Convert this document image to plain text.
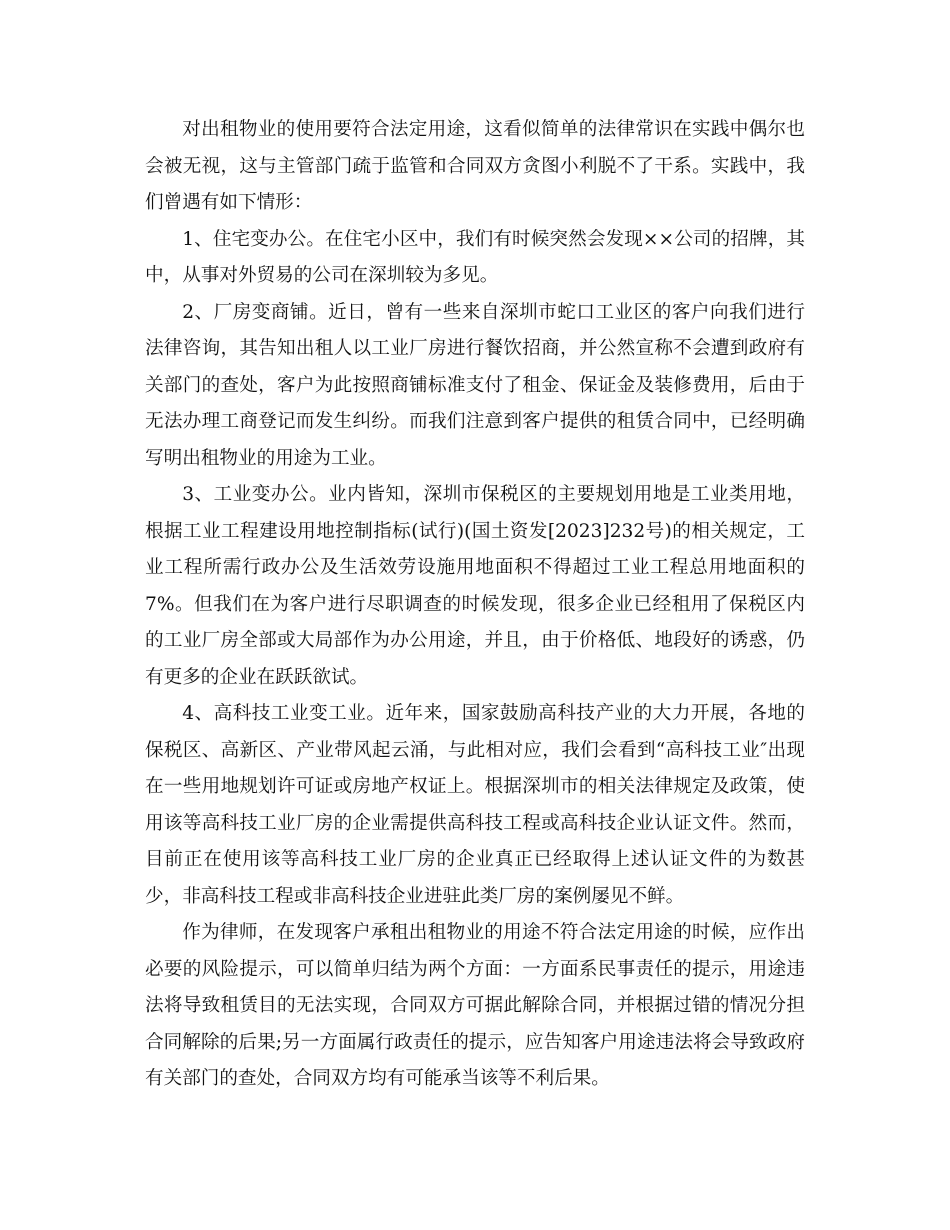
对出租物业的使用要符合法定用途，这看似简单的法律常识在实践中偶尔也会被无视，这与主管部门疏于监管和合同双方贪图小利脱不了干系。实践中，我们曾遇有如下情形：

1、住宅变办公。在住宅小区中，我们有时候突然会发现××公司的招牌，其中，从事对外贸易的公司在深圳较为多见。

2、厂房变商铺。近日，曾有一些来自深圳市蛇口工业区的客户向我们进行法律咨询，其告知出租人以工业厂房进行餐饮招商，并公然宣称不会遭到政府有关部门的查处，客户为此按照商铺标准支付了租金、保证金及装修费用，后由于无法办理工商登记而发生纠纷。而我们注意到客户提供的租赁合同中，已经明确写明出租物业的用途为工业。

3、工业变办公。业内皆知，深圳市保税区的主要规划用地是工业类用地，根据工业工程建设用地控制指标(试行)(国土资发[2023]232号)的相关规定，工业工程所需行政办公及生活效劳设施用地面积不得超过工业工程总用地面积的7%。但我们在为客户进行尽职调查的时候发现，很多企业已经租用了保税区内的工业厂房全部或大局部作为办公用途，并且，由于价格低、地段好的诱惑，仍有更多的企业在跃跃欲试。

4、高科技工业变工业。近年来，国家鼓励高科技产业的大力开展，各地的保税区、高新区、产业带风起云涌，与此相对应，我们会看到“高科技工业″出现在一些用地规划许可证或房地产权证上。根据深圳市的相关法律规定及政策，使用该等高科技工业厂房的企业需提供高科技工程或高科技企业认证文件。然而，目前正在使用该等高科技工业厂房的企业真正已经取得上述认证文件的为数甚少，非高科技工程或非高科技企业进驻此类厂房的案例屡见不鲜。

作为律师，在发现客户承租出租物业的用途不符合法定用途的时候，应作出必要的风险提示，可以简单归结为两个方面：一方面系民事责任的提示，用途违法将导致租赁目的无法实现，合同双方可据此解除合同，并根据过错的情况分担合同解除的后果;另一方面属行政责任的提示，应告知客户用途违法将会导致政府有关部门的查处，合同双方均有可能承当该等不利后果。
